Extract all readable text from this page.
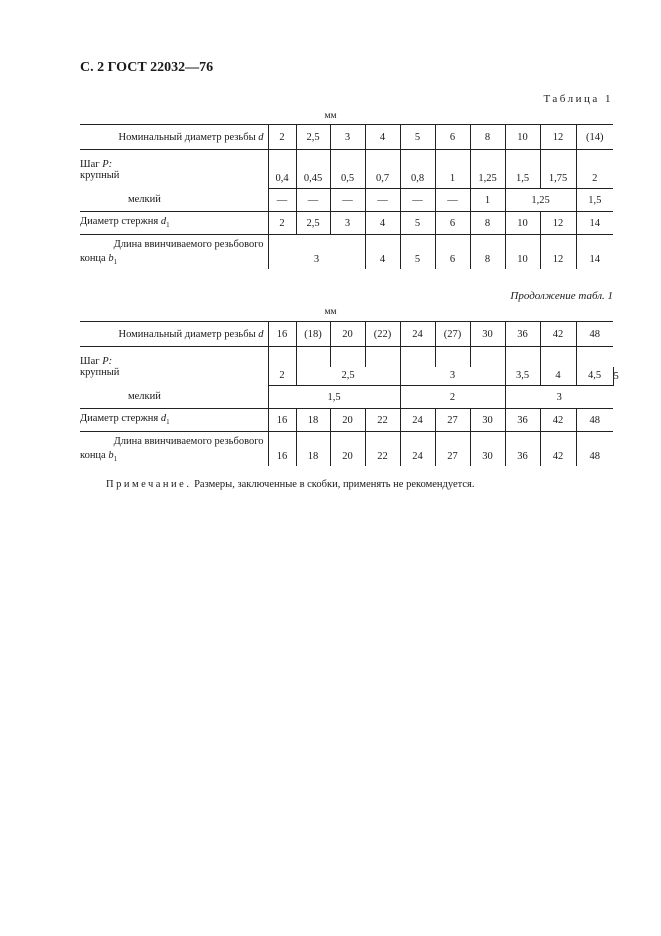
С. 2 ГОСТ 22032—76
Таблица 1
мм
Номинальный диаметр резьбы d	2	2,5	3	4	5	6	8	10	12	(14)
Шаг P:										
крупный	0,4	0,45	0,5	0,7	0,8	1	1,25	1,5	1,75	2
мелкий	—	—	—	—	—	—	1	1,25		1,5
Диаметр стержня $d_1$	2	2,5	3	4	5	6	8	10	12	14

Длина ввинчиваемого резьбового
конца $b_1$	3			4	5	6	8	10	12	14
Продолжение табл. 1
мм
Номинальный диаметр резьбы d	16	(18)	20	(22)	24	(27)	30	36	42	48	
Шаг P:											
крупный	2	2,5			3			3,5	4	4,5	5
мелкий	1,5				2			3			
Диаметр стержня $d_1$	16	18	20	22	24	27	30	36	42	48	

Длина ввинчиваемого резьбового
конца $b_1$	16	18	20	22	24	27	30	36	42	48	
Примечание. Размеры, заключенные в скобки, применять не рекомендуется.
